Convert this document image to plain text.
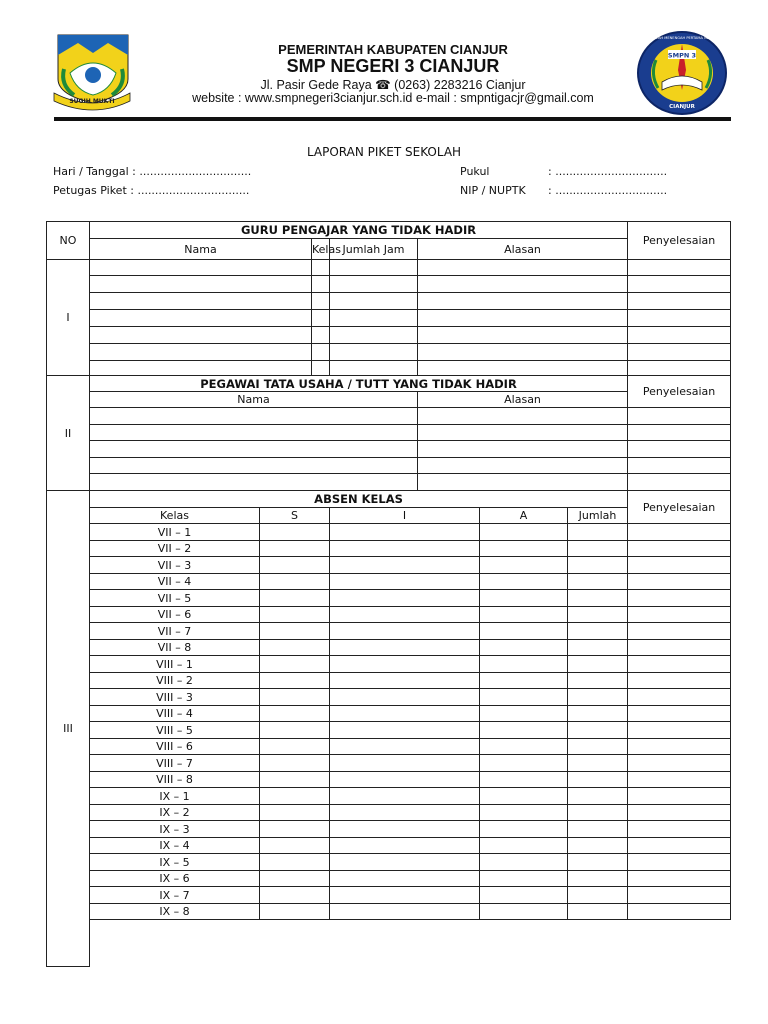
SUGIH MUKTI
SMPN 3
CIANJUR
SEKOLAH MENENGAH PERTAMA NEGERI
PEMERINTAH KABUPATEN CIANJUR
SMP NEGERI 3 CIANJUR
Jl. Pasir Gede Raya ☎ (0263) 2283216 Cianjur
website : www.smpnegeri3cianjur.sch.id e-mail : smpntigacjr@gmail.com
LAPORAN PIKET SEKOLAH
Hari / Tanggal : ................................
Petugas Piket : ................................
Pukul	: ................................
NIP / NUPTK : ................................
NO	GURU PENGAJAR YANG TIDAK HADIR							Penyelesaian
	Nama		Kelas	Jumlah Jam	Alasan			
I								

II	PEGAWAI TATA USAHA / TUTT YANG TIDAK HADIR							Penyelesaian
	Nama				Alasan			

III	ABSEN KELAS							Penyelesaian
	Kelas	S		I		A	Jumlah	
	VII – 1							
	VII – 2							
	VII – 3							
	VII – 4							
	VII – 5							
	VII – 6							
	VII – 7							
	VII – 8							
	VIII – 1							
	VIII – 2							
	VIII – 3							
	VIII – 4							
	VIII – 5							
	VIII – 6							
	VIII – 7							
	VIII – 8							
	IX – 1							
	IX – 2							
	IX – 3							
	IX – 4							
	IX – 5							
	IX – 6							
	IX – 7							
	IX – 8							
